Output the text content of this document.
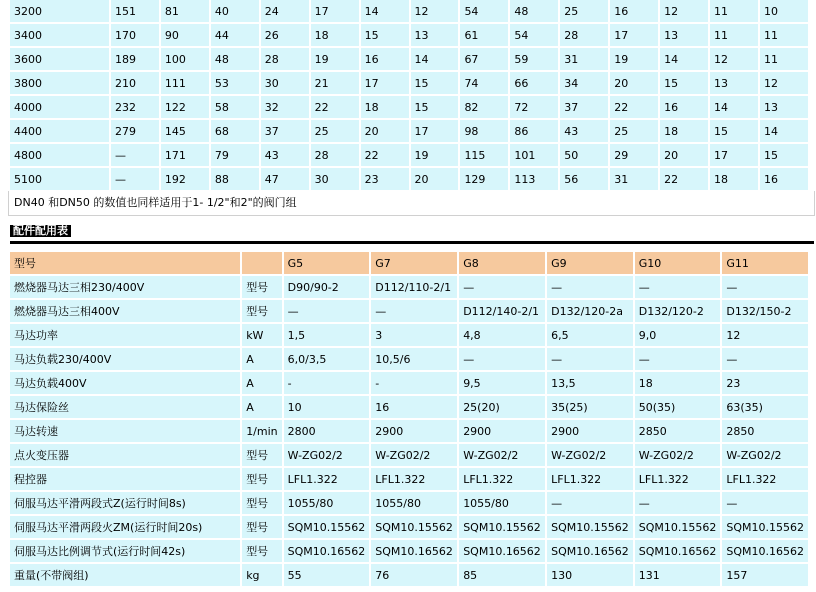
3200	151	81	40	24	17	14	12	54	48	25	16	12	11	10
3400	170	90	44	26	18	15	13	61	54	28	17	13	11	11
3600	189	100	48	28	19	16	14	67	59	31	19	14	12	11
3800	210	111	53	30	21	17	15	74	66	34	20	15	13	12
4000	232	122	58	32	22	18	15	82	72	37	22	16	14	13
4400	279	145	68	37	25	20	17	98	86	43	25	18	15	14
4800	—	171	79	43	28	22	19	115	101	50	29	20	17	15
5100	—	192	88	47	30	23	20	129	113	56	31	22	18	16
DN40 和DN50 的数值也同样适用于1- 1/2"和2"的阀门组
配件配用表
型号		G5	G7	G8	G9	G10	G11
燃烧器马达三相230/400V	型号	D90/90-2	D112/110-2/1	—	—	—	—
燃烧器马达三相400V	型号	—	—	D112/140-2/1	D132/120-2a	D132/120-2	D132/150-2
马达功率	kW	1,5	3	4,8	6,5	9,0	12
马达负载230/400V	A	6,0/3,5	10,5/6	—	—	—	—
马达负载400V	A	-	-	9,5	13,5	18	23
马达保险丝	A	10	16	25(20)	35(25)	50(35)	63(35)
马达转速	1/min	2800	2900	2900	2900	2850	2850
点火变压器	型号	W-ZG02/2	W-ZG02/2	W-ZG02/2	W-ZG02/2	W-ZG02/2	W-ZG02/2
程控器	型号	LFL1.322	LFL1.322	LFL1.322	LFL1.322	LFL1.322	LFL1.322
伺服马达平滑两段式Z(运行时间8s)	型号	1055/80	1055/80	1055/80	—	—	—
伺服马达平滑两段火ZM(运行时间20s)	型号	SQM10.15562	SQM10.15562	SQM10.15562	SQM10.15562	SQM10.15562	SQM10.15562
伺服马达比例调节式(运行时间42s)	型号	SQM10.16562	SQM10.16562	SQM10.16562	SQM10.16562	SQM10.16562	SQM10.16562
重量(不带阀组)	kg	55	76	85	130	131	157
